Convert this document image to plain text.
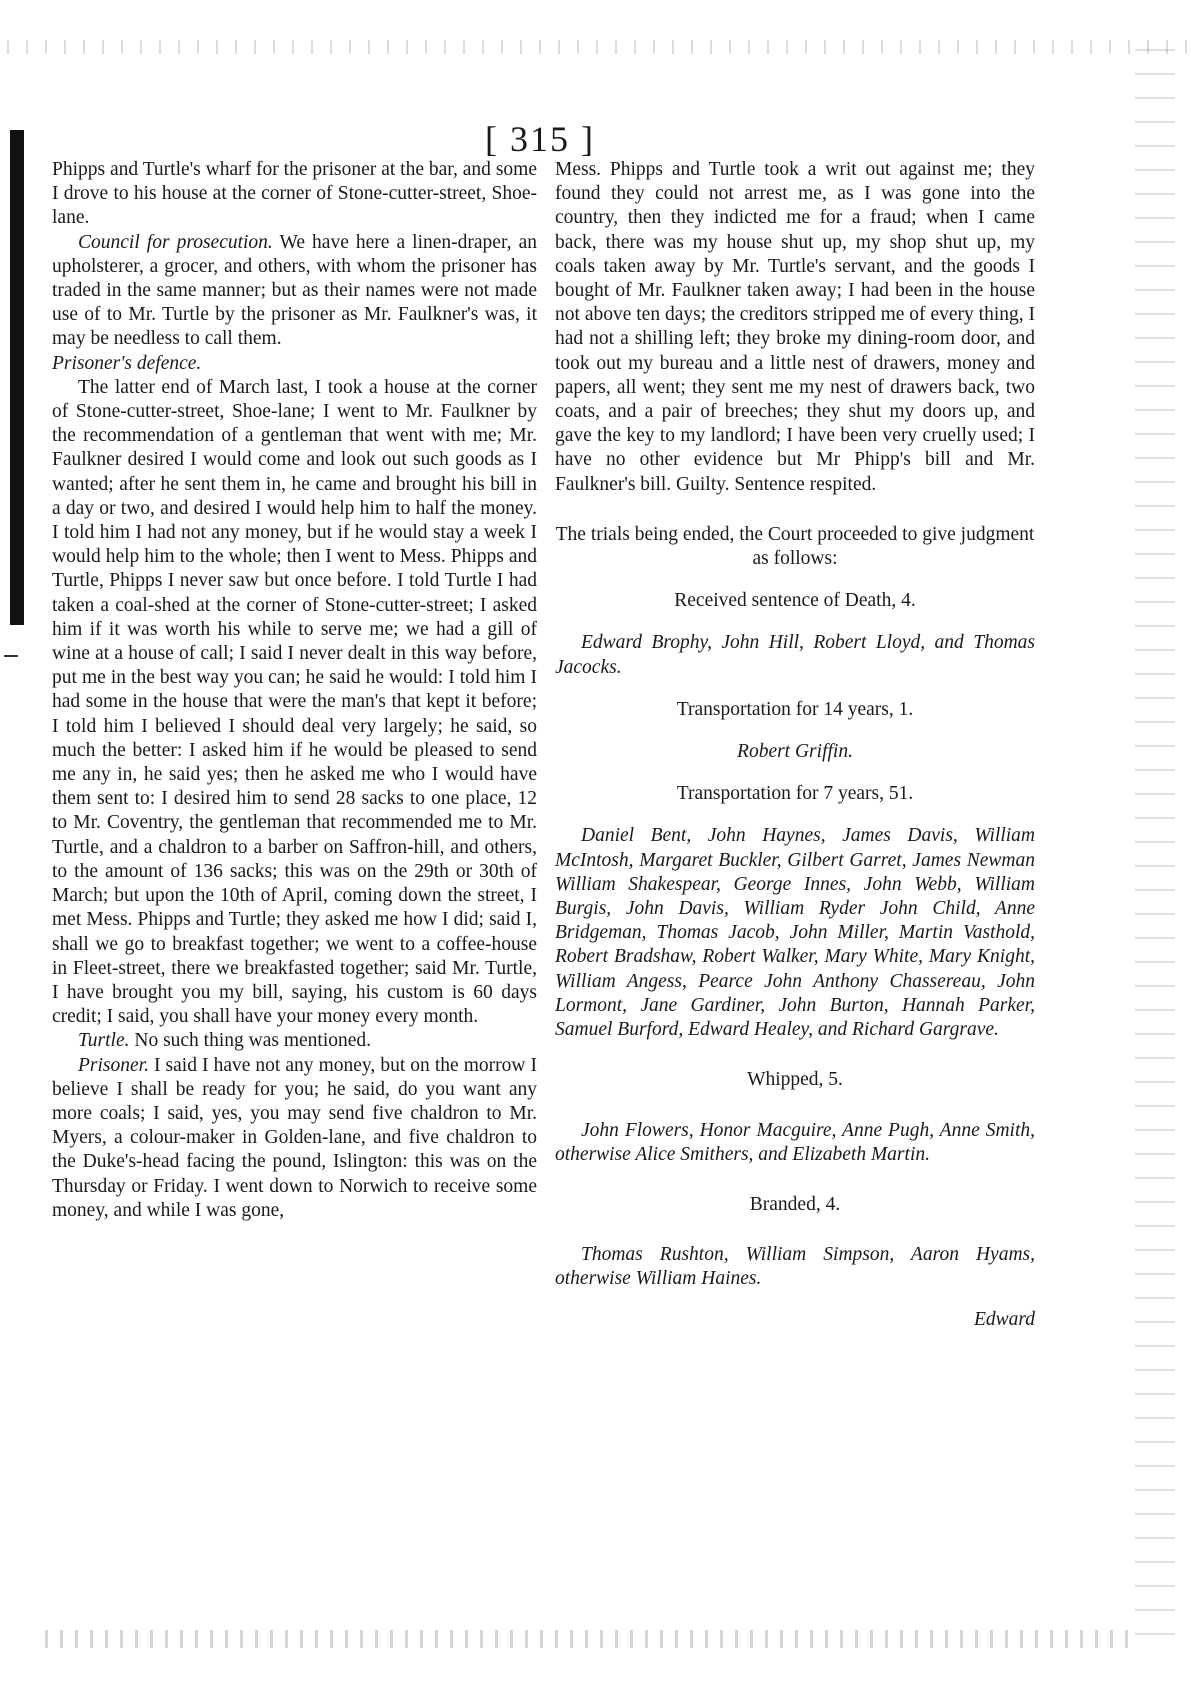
[ 315 ]

Phipps and Turtle's wharf for the prisoner at the bar, and some I drove to his house at the corner of Stone-cutter-street, Shoe-lane.

Council for prosecution. We have here a linen-draper, an upholsterer, a grocer, and others, with whom the prisoner has traded in the same manner; but as their names were not made use of to Mr. Turtle by the prisoner as Mr. Faulkner's was, it may be needless to call them.

Prisoner's defence.

The latter end of March last, I took a house at the corner of Stone-cutter-street, Shoe-lane; I went to Mr. Faulkner by the recommendation of a gentleman that went with me; Mr. Faulkner desired I would come and look out such goods as I wanted; after he sent them in, he came and brought his bill in a day or two, and desired I would help him to half the money. I told him I had not any money, but if he would stay a week I would help him to the whole; then I went to Mess. Phipps and Turtle, Phipps I never saw but once before. I told Turtle I had taken a coal-shed at the corner of Stone-cutter-street; I asked him if it was worth his while to serve me; we had a gill of wine at a house of call; I said I never dealt in this way before, put me in the best way you can; he said he would: I told him I had some in the house that were the man's that kept it before; I told him I believed I should deal very largely; he said, so much the better: I asked him if he would be pleased to send me any in, he said yes; then he asked me who I would have them sent to: I desired him to send 28 sacks to one place, 12 to Mr. Coventry, the gentleman that recommended me to Mr. Turtle, and a chaldron to a barber on Saffron-hill, and others, to the amount of 136 sacks; this was on the 29th or 30th of March; but upon the 10th of April, coming down the street, I met Mess. Phipps and Turtle; they asked me how I did; said I, shall we go to breakfast together; we went to a coffee-house in Fleet-street, there we breakfasted together; said Mr. Turtle, I have brought you my bill, saying, his custom is 60 days credit; I said, you shall have your money every month.

Turtle. No such thing was mentioned.

Prisoner. I said I have not any money, but on the morrow I believe I shall be ready for you; he said, do you want any more coals; I said, yes, you may send five chaldron to Mr. Myers, a colour-maker in Golden-lane, and five chaldron to the Duke's-head facing the pound, Islington: this was on the Thursday or Friday. I went down to Norwich to receive some money, and while I was gone,

Mess. Phipps and Turtle took a writ out against me; they found they could not arrest me, as I was gone into the country, then they indicted me for a fraud; when I came back, there was my house shut up, my shop shut up, my coals taken away by Mr. Turtle's servant, and the goods I bought of Mr. Faulkner taken away; I had been in the house not above ten days; the creditors stripped me of every thing, I had not a shilling left; they broke my dining-room door, and took out my bureau and a little nest of drawers, money and papers, all went; they sent me my nest of drawers back, two coats, and a pair of breeches; they shut my doors up, and gave the key to my landlord; I have been very cruelly used; I have no other evidence but Mr Phipp's bill and Mr. Faulkner's bill. Guilty. Sentence respited.

The trials being ended, the Court proceeded to give judgment as follows:

Received sentence of Death, 4.

Edward Brophy, John Hill, Robert Lloyd, and Thomas Jacocks.

Transportation for 14 years, 1.

Robert Griffin.

Transportation for 7 years, 51.

Daniel Bent, John Haynes, James Davis, William McIntosh, Margaret Buckler, Gilbert Garret, James Newman William Shakespear, George Innes, John Webb, William Burgis, John Davis, William Ryder John Child, Anne Bridgeman, Thomas Jacob, John Miller, Martin Vasthold, Robert Bradshaw, Robert Walker, Mary White, Mary Knight, William Angess, Pearce John Anthony Chassereau, John Lormont, Jane Gardiner, John Burton, Hannah Parker, Samuel Burford, Edward Healey, and Richard Gargrave.

Whipped, 5.

John Flowers, Honor Macguire, Anne Pugh, Anne Smith, otherwise Alice Smithers, and Elizabeth Martin.

Branded, 4.

Thomas Rushton, William Simpson, Aaron Hyams, otherwise William Haines.

Edward
